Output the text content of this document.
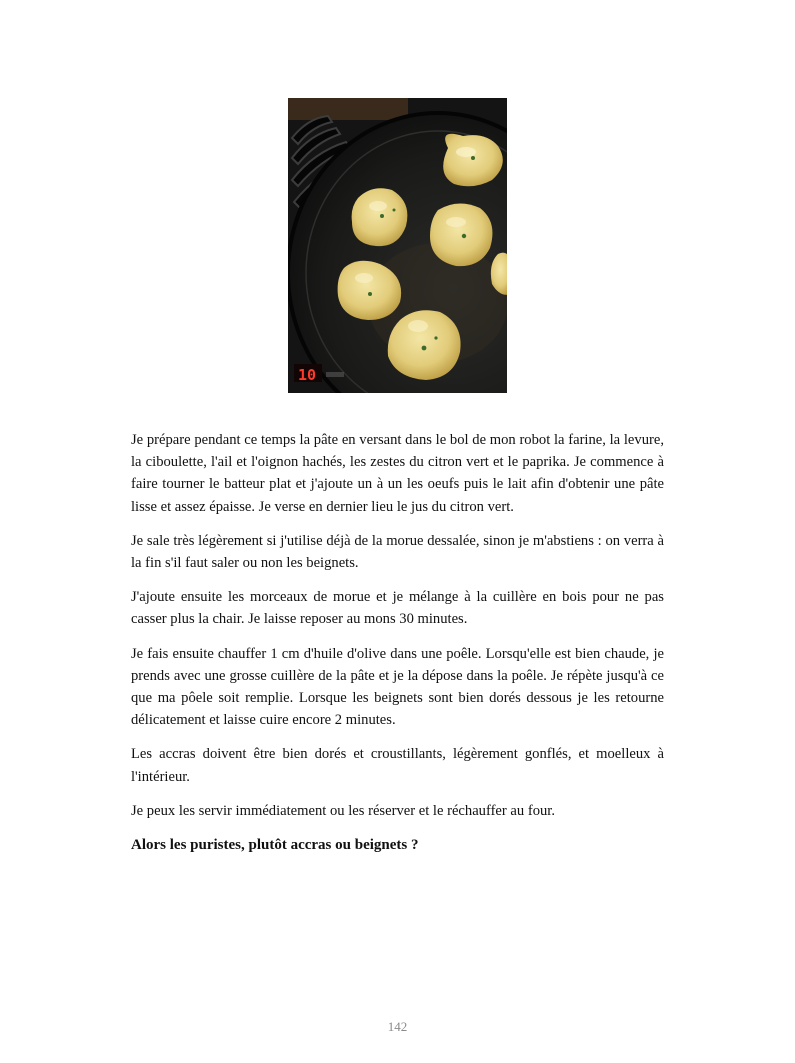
10

Je prépare pendant ce temps la pâte en versant dans le bol de mon robot la farine, la levure, la ciboulette, l'ail et l'oignon hachés, les zestes du citron vert et le paprika. Je commence à faire tourner le batteur plat et j'ajoute un à un les oeufs puis le lait afin d'obtenir une pâte lisse et assez épaisse. Je verse en dernier lieu le jus du citron vert.

Je sale très légèrement si j'utilise déjà de la morue dessalée, sinon je m'abstiens : on verra à la fin s'il faut saler ou non les beignets.

J'ajoute ensuite les morceaux de morue et je mélange à la cuillère en bois pour ne pas casser plus la chair. Je laisse reposer au mons 30 minutes.

Je fais ensuite chauffer 1 cm d'huile d'olive dans une poêle. Lorsqu'elle est bien chaude, je prends avec une grosse cuillère de la pâte et je la dépose dans la poêle. Je répète jusqu'à ce que ma pôele soit remplie. Lorsque les beignets sont bien dorés dessous je les retourne délicatement et laisse cuire encore 2 minutes.

Les accras doivent être bien dorés et croustillants, légèrement gonflés, et moelleux à l'intérieur.

Je peux les servir immédiatement ou les réserver et le réchauffer au four.

Alors les puristes, plutôt accras ou beignets ?

142
